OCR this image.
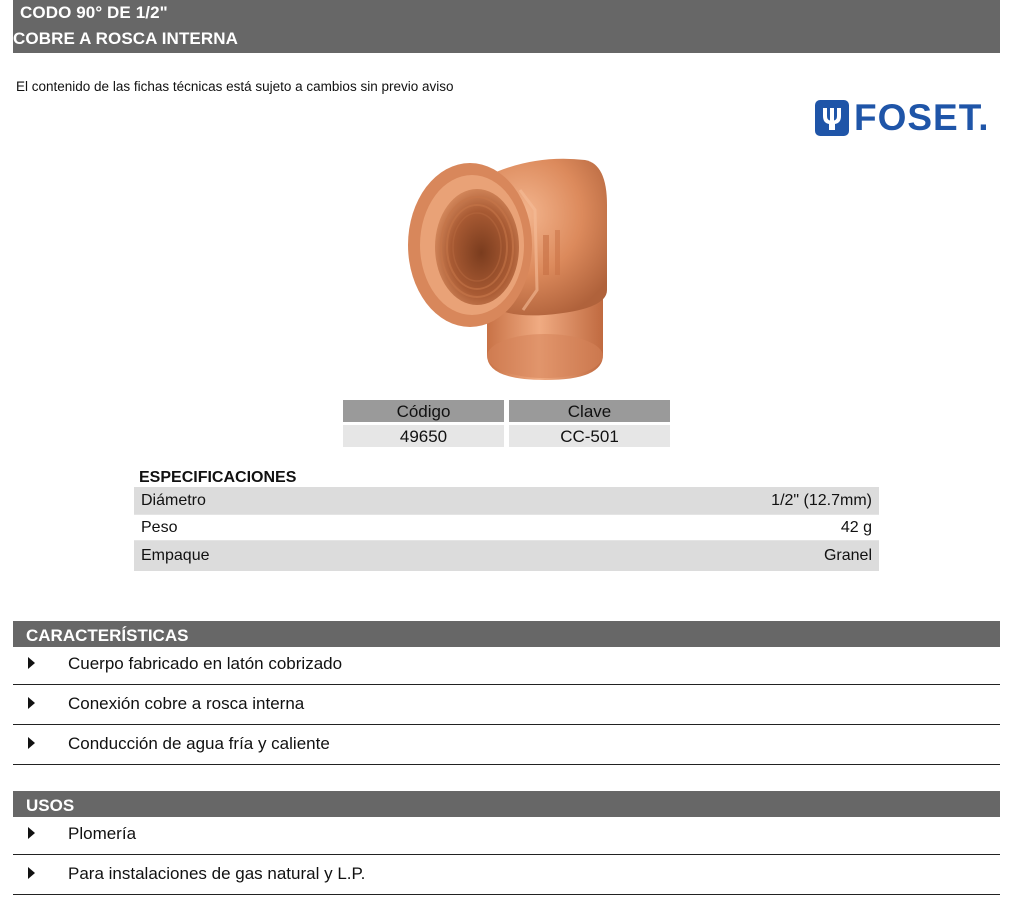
CODO 90° DE 1/2"
COBRE A ROSCA INTERNA
El contenido de las fichas técnicas está sujeto a cambios sin previo aviso
FOSET.
Código	Clave
49650	CC-501
ESPECIFICACIONES
Diámetro	1/2" (12.7mm)
Peso	42 g
Empaque	Granel
CARACTERÍSTICAS
Cuerpo fabricado en latón cobrizado
Conexión cobre a rosca interna
Conducción de agua fría y caliente
USOS
Plomería
Para instalaciones de gas natural y L.P.
